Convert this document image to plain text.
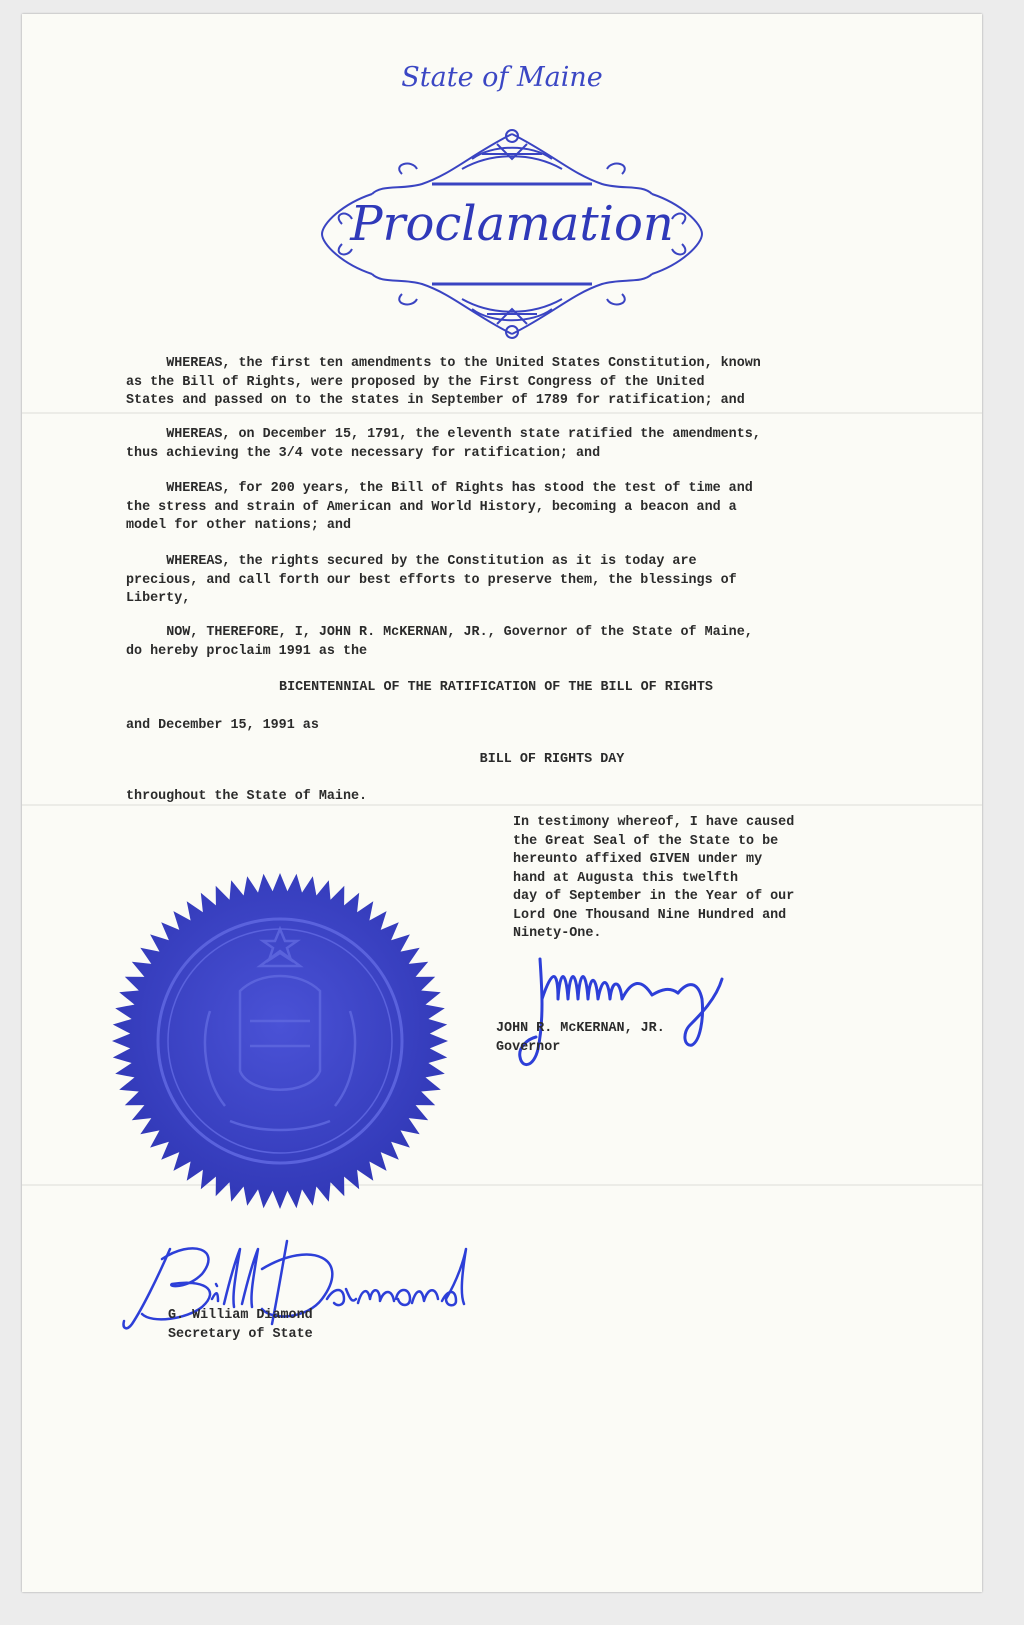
State of Maine
Proclamation
WHEREAS, the first ten amendments to the United States Constitution, known
as the Bill of Rights, were proposed by the First Congress of the United
States and passed on to the states in September of 1789 for ratification; and
WHEREAS, on December 15, 1791, the eleventh state ratified the amendments,
thus achieving the 3/4 vote necessary for ratification; and
WHEREAS, for 200 years, the Bill of Rights has stood the test of time and
the stress and strain of American and World History, becoming a beacon and a
model for other nations; and
WHEREAS, the rights secured by the Constitution as it is today are
precious, and call forth our best efforts to preserve them, the blessings of
Liberty,
NOW, THEREFORE, I, JOHN R. McKERNAN, JR., Governor of the State of Maine,
do hereby proclaim 1991 as the
BICENTENNIAL OF THE RATIFICATION OF THE BILL OF RIGHTS
and December 15, 1991 as
BILL OF RIGHTS DAY
throughout the State of Maine.
In testimony whereof, I have caused
the Great Seal of the State to be
hereunto affixed GIVEN under my
hand at Augusta this twelfth
day of September in the Year of our
Lord One Thousand Nine Hundred and
Ninety-One.
JOHN R. McKERNAN, JR.
Governor
G. William Diamond
Secretary of State
